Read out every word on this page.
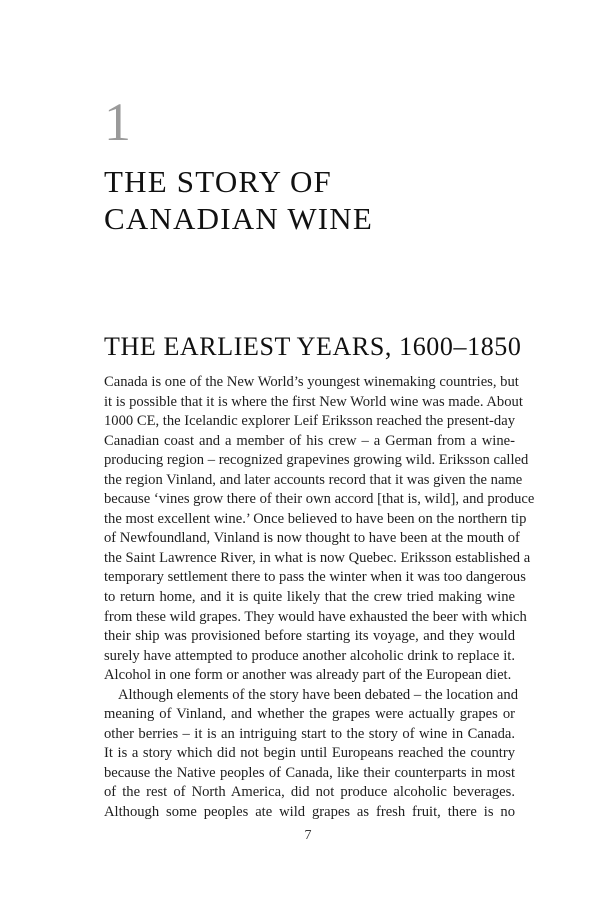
1
THE STORY OF
CANADIAN WINE
THE EARLIEST YEARS, 1600–1850
Canada is one of the New World’s youngest winemaking countries, but
it is possible that it is where the first New World wine was made. About
1000 CE, the Icelandic explorer Leif Eriksson reached the present-day
Canadian coast and a member of his crew – a German from a wine-
producing region – recognized grapevines growing wild. Eriksson called
the region Vinland, and later accounts record that it was given the name
because ‘vines grow there of their own accord [that is, wild], and produce
the most excellent wine.’ Once believed to have been on the northern tip
of Newfoundland, Vinland is now thought to have been at the mouth of
the Saint Lawrence River, in what is now Quebec. Eriksson established a
temporary settlement there to pass the winter when it was too dangerous
to return home, and it is quite likely that the crew tried making wine
from these wild grapes. They would have exhausted the beer with which
their ship was provisioned before starting its voyage, and they would
surely have attempted to produce another alcoholic drink to replace it.
Alcohol in one form or another was already part of the European diet.
Although elements of the story have been debated – the location and
meaning of Vinland, and whether the grapes were actually grapes or
other berries – it is an intriguing start to the story of wine in Canada.
It is a story which did not begin until Europeans reached the country
because the Native peoples of Canada, like their counterparts in most
of the rest of North America, did not produce alcoholic beverages.
Although some peoples ate wild grapes as fresh fruit, there is no
7
